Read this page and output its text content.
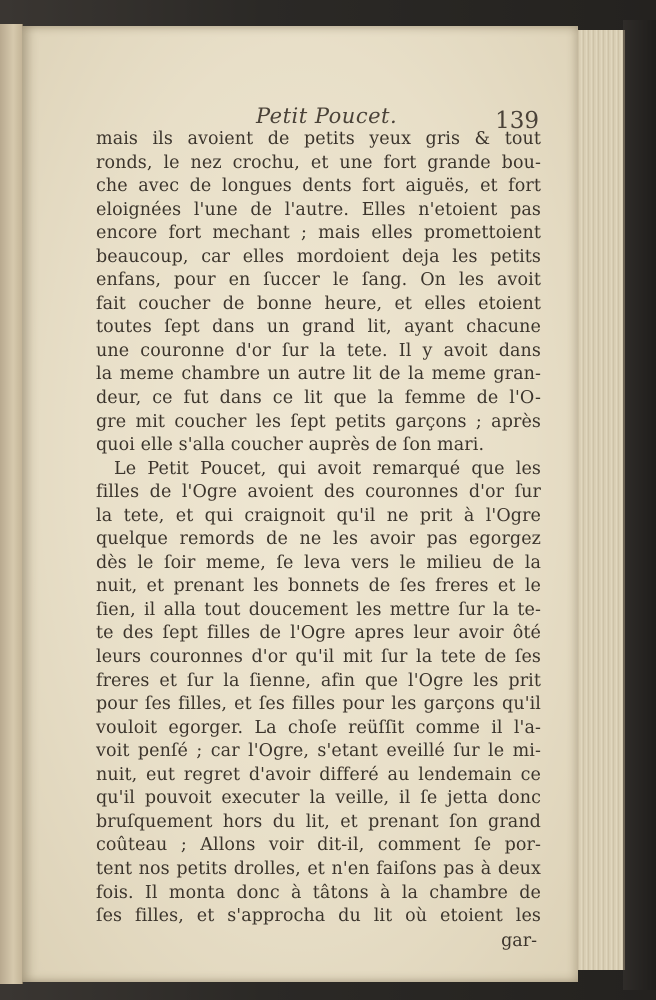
Petit Poucet.	139
mais ils avoient de petits yeux gris & tout
ronds, le nez crochu, et une fort grande bou-
che avec de longues dents fort aiguës, et fort
eloignées l'une de l'autre. Elles n'etoient pas
encore fort mechant ; mais elles promettoient
beaucoup, car elles mordoient deja les petits
enfans, pour en ſuccer le ſang. On les avoit
fait coucher de bonne heure, et elles etoient
toutes ſept dans un grand lit, ayant chacune
une couronne d'or ſur la tete. Il y avoit dans
la meme chambre un autre lit de la meme gran-
deur, ce fut dans ce lit que la femme de l'O-
gre mit coucher les ſept petits garçons ; après
quoi elle s'alla coucher auprès de ſon mari.
Le Petit Poucet, qui avoit remarqué que les
filles de l'Ogre avoient des couronnes d'or ſur
la tete, et qui craignoit qu'il ne prit à l'Ogre
quelque remords de ne les avoir pas egorgez
dès le ſoir meme, ſe leva vers le milieu de la
nuit, et prenant les bonnets de ſes freres et le
ſien, il alla tout doucement les mettre ſur la te-
te des ſept filles de l'Ogre apres leur avoir ôté
leurs couronnes d'or qu'il mit ſur la tete de ſes
freres et ſur la ſienne, afin que l'Ogre les prit
pour ſes filles, et ſes filles pour les garçons qu'il
vouloit egorger. La choſe reüſſit comme il l'a-
voit penſé ; car l'Ogre, s'etant eveillé ſur le mi-
nuit, eut regret d'avoir differé au lendemain ce
qu'il pouvoit executer la veille, il ſe jetta donc
bruſquement hors du lit, et prenant ſon grand
coûteau ; Allons voir dit-il, comment ſe por-
tent nos petits drolles, et n'en faiſons pas à deux
fois. Il monta donc à tâtons à la chambre de
ſes filles, et s'approcha du lit où etoient les
gar-
